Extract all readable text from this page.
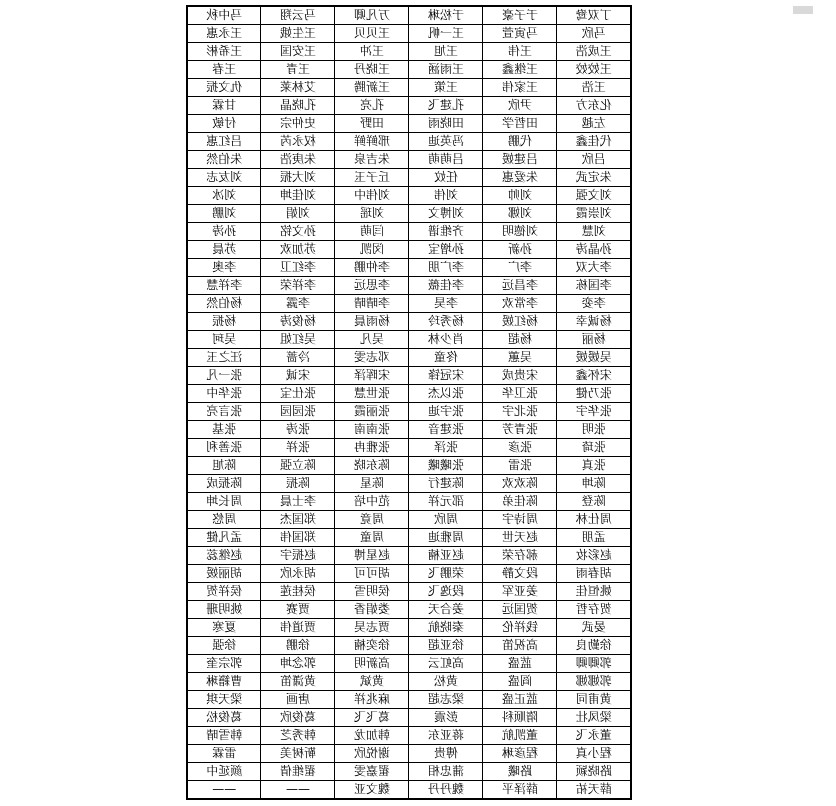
丁双鸯	于子豪	于松琳	万凡卿	马云翔	马中秋
马欣	马寅萱	王一帆	王贝贝	王生娥	王永惠
王成浩	王伟	王旭	王冲	王安国	王希彬
王姣姣	王继鑫	王雨涵	王晓丹	王青	王春
王浩	王家伟	王策	王新腾	艾林莱	仇文振
化东方	尹欣	孔建飞	孔亮	孔晓晶	甘霖
左越	田哲学	田晓雨	田野	史仲宗	付敏
代佳鑫	代鹏	冯英迪	邢鲜鲜	权永芮	吕红惠
吕欣	吕建媛	吕萌萌	朱吉泉	朱庚浩	朱伯然
朱定武	朱爱惠	任妏	丘子玉	刘大振	刘友志
刘文强	刘帅	刘伟	刘伟中	刘佳坤	刘冰
刘崇霞	刘娜	刘博文	刘瑶	刘娟	刘鹏
刘慧	刘德明	齐维谱	闫萌	孙文铭	孙涛
孙晶涛	孙新	孙增宝	闵凯	苏加欢	苏晨
李大双	李广	李广朋	李仲鹏	李红卫	李奥
李国栋	李昌远	李佳薇	李思远	李祥荣	李祥慧
李娈	李常欢	李昊	李晴晴	李露	杨伯然
杨诚幸	杨红媛	杨秀玲	杨雨晨	杨俊涛	杨振
杨丽	杨超	肖少林	吴凡	吴红姐	吴珂
吴媛媛	吴蕙	佟童	邓志雯	冷蔷	汪之玉
宋怀鑫	宋贵成	宋冠锋	宋晖泽	宋诚	张一凡
张乃健	张卫华	张以杰	张世慧	张仕宝	张华中
张华宇	张北宇	张宇迪	张丽霞	张园园	张言亮
张明	张青芳	张建音	张南南	张涛	张基
张琦	张彦	张泽	张雅冉	张祥	张善利
张真	张雷	张曦曦	陈东晓	陈立强	陈旭
陈坤	陈欢欢	陈建行	陈星	陈振	陈振成
陈登	陈佳弟	邵元祥	范中培	李士晨	周长坤
周仕林	周诗宇	周欣	周竟	郑国杰	周悠
孟朋	赵天世	周雅迪	周童	郑国伟	孟凡健
赵彩妆	郝存荣	赵亚楠	赵星博	赵振宇	赵继蕊
胡春雨	段文静	荣鹏飞	胡可可	胡永欣	胡丽媛
姚恒佳	姜亚军	段逸飞	侯明雪	侯桂莲	侯祥贺
贺存哲	贺国远	姜合天	娄娟香	贾赛	姚明珊
晏武	钱祥伦	秦晓航	贾志昊	贾道伟	夏寒
徐勤良	高祝笛	徐亚超	徐奕楠	徐鹏	徐强
郭卿卿	蓝盛	高虹云	高新明	郭念坤	郭宗奎
郭娜娜	阎盛	黄松	黄斌	黄潇笛	曹籍琳
黄甫同	蓝正盛	梁志超	麻兆祥	唐画	梁天琪
梁凤壮	隋顺科	彭震	葛飞飞	葛俊欣	葛俊松
董永飞	董凯航	蒋亚东	韩加龙	韩秀芝	韩雪晴
程小真	程彦琳	傅贵	谢悦欣	靳树美	雷霖
路晓颖	路曦	蒲忠相	翟嘉雯	翟维倩	颜延中
薛天祐	薛泽平	魏丹丹	魏文亚	——	——
